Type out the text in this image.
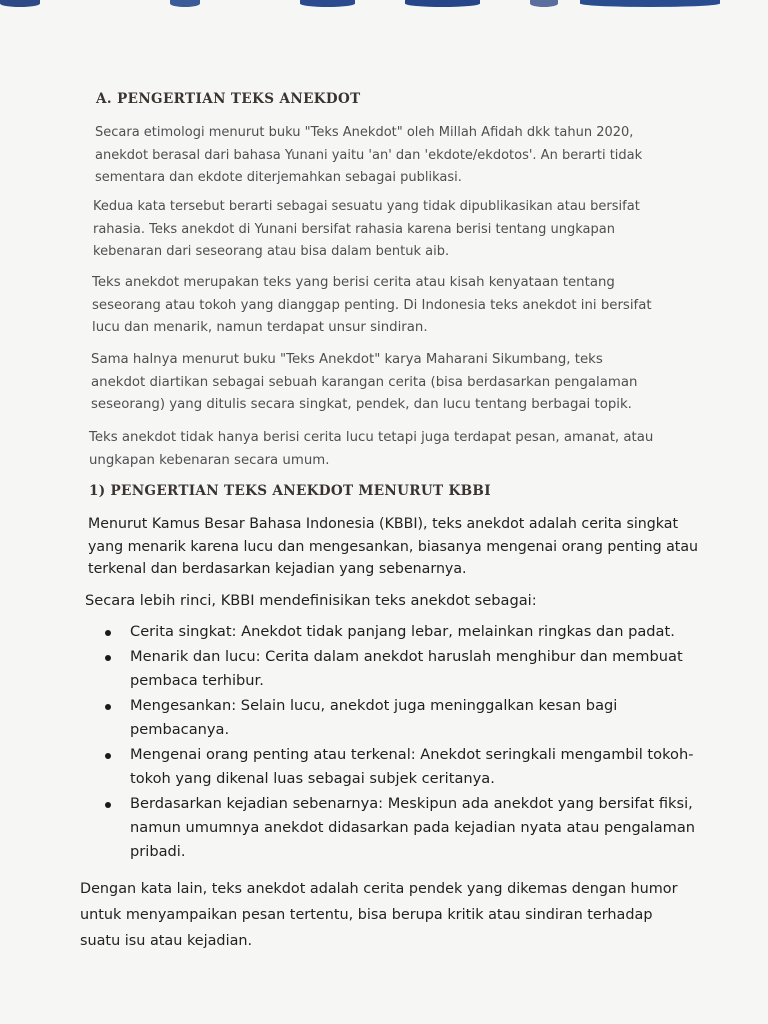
A. PENGERTIAN TEKS ANEKDOT
Secara etimologi menurut buku "Teks Anekdot" oleh Millah Afidah dkk tahun 2020,
anekdot berasal dari bahasa Yunani yaitu 'an' dan 'ekdote/ekdotos'. An berarti tidak
sementara dan ekdote diterjemahkan sebagai publikasi.
Kedua kata tersebut berarti sebagai sesuatu yang tidak dipublikasikan atau bersifat
rahasia. Teks anekdot di Yunani bersifat rahasia karena berisi tentang ungkapan
kebenaran dari seseorang atau bisa dalam bentuk aib.
Teks anekdot merupakan teks yang berisi cerita atau kisah kenyataan tentang
seseorang atau tokoh yang dianggap penting. Di Indonesia teks anekdot ini bersifat
lucu dan menarik, namun terdapat unsur sindiran.
Sama halnya menurut buku "Teks Anekdot" karya Maharani Sikumbang, teks
anekdot diartikan sebagai sebuah karangan cerita (bisa berdasarkan pengalaman
seseorang) yang ditulis secara singkat, pendek, dan lucu tentang berbagai topik.
Teks anekdot tidak hanya berisi cerita lucu tetapi juga terdapat pesan, amanat, atau
ungkapan kebenaran secara umum.
1) PENGERTIAN TEKS ANEKDOT MENURUT KBBI
Menurut Kamus Besar Bahasa Indonesia (KBBI), teks anekdot adalah cerita singkat
yang menarik karena lucu dan mengesankan, biasanya mengenai orang penting atau
terkenal dan berdasarkan kejadian yang sebenarnya.
Secara lebih rinci, KBBI mendefinisikan teks anekdot sebagai:
Cerita singkat: Anekdot tidak panjang lebar, melainkan ringkas dan padat.
Menarik dan lucu: Cerita dalam anekdot haruslah menghibur dan membuat
pembaca terhibur.
Mengesankan: Selain lucu, anekdot juga meninggalkan kesan bagi
pembacanya.
Mengenai orang penting atau terkenal: Anekdot seringkali mengambil tokoh-
tokoh yang dikenal luas sebagai subjek ceritanya.
Berdasarkan kejadian sebenarnya: Meskipun ada anekdot yang bersifat fiksi,
namun umumnya anekdot didasarkan pada kejadian nyata atau pengalaman
pribadi.
Dengan kata lain, teks anekdot adalah cerita pendek yang dikemas dengan humor
untuk menyampaikan pesan tertentu, bisa berupa kritik atau sindiran terhadap
suatu isu atau kejadian.
